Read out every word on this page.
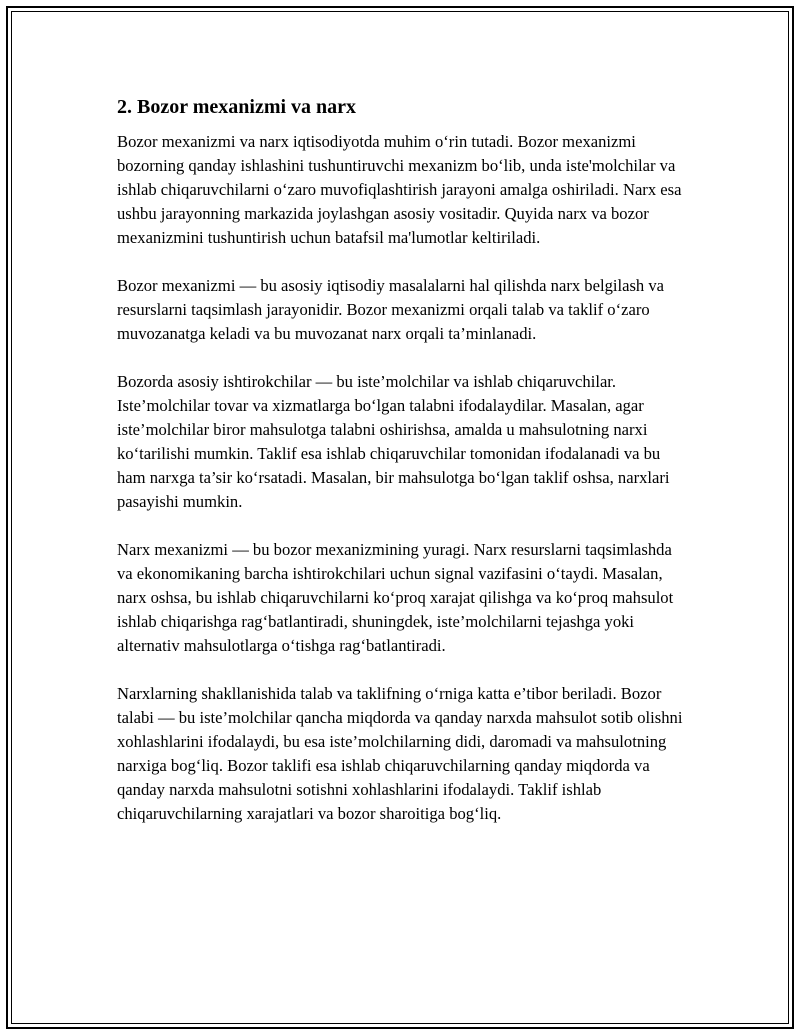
2. Bozor mexanizmi va narx

Bozor mexanizmi va narx iqtisodiyotda muhim o‘rin tutadi. Bozor mexanizmi bozorning qanday ishlashini tushuntiruvchi mexanizm bo‘lib, unda iste'molchilar va ishlab chiqaruvchilarni o‘zaro muvofiqlashtirish jarayoni amalga oshiriladi. Narx esa ushbu jarayonning markazida joylashgan asosiy vositadir. Quyida narx va bozor mexanizmini tushuntirish uchun batafsil ma'lumotlar keltiriladi.

Bozor mexanizmi — bu asosiy iqtisodiy masalalarni hal qilishda narx belgilash va resurslarni taqsimlash jarayonidir. Bozor mexanizmi orqali talab va taklif o‘zaro muvozanatga keladi va bu muvozanat narx orqali ta’minlanadi.

Bozorda asosiy ishtirokchilar — bu iste’molchilar va ishlab chiqaruvchilar. Iste’molchilar tovar va xizmatlarga bo‘lgan talabni ifodalaydilar. Masalan, agar iste’molchilar biror mahsulotga talabni oshirishsa, amalda u mahsulotning narxi ko‘tarilishi mumkin. Taklif esa ishlab chiqaruvchilar tomonidan ifodalanadi va bu ham narxga ta’sir ko‘rsatadi. Masalan, bir mahsulotga bo‘lgan taklif oshsa, narxlari pasayishi mumkin.

Narx mexanizmi — bu bozor mexanizmining yuragi. Narx resurslarni taqsimlashda va ekonomikaning barcha ishtirokchilari uchun signal vazifasini o‘taydi. Masalan, narx oshsa, bu ishlab chiqaruvchilarni ko‘proq xarajat qilishga va ko‘proq mahsulot ishlab chiqarishga rag‘batlantiradi, shuningdek, iste’molchilarni tejashga yoki alternativ mahsulotlarga o‘tishga rag‘batlantiradi.

Narxlarning shakllanishida talab va taklifning o‘rniga katta e’tibor beriladi. Bozor talabi — bu iste’molchilar qancha miqdorda va qanday narxda mahsulot sotib olishni xohlashlarini ifodalaydi, bu esa iste’molchilarning didi, daromadi va mahsulotning narxiga bog‘liq. Bozor taklifi esa ishlab chiqaruvchilarning qanday miqdorda va qanday narxda mahsulotni sotishni xohlashlarini ifodalaydi. Taklif ishlab chiqaruvchilarning xarajatlari va bozor sharoitiga bog‘liq.
